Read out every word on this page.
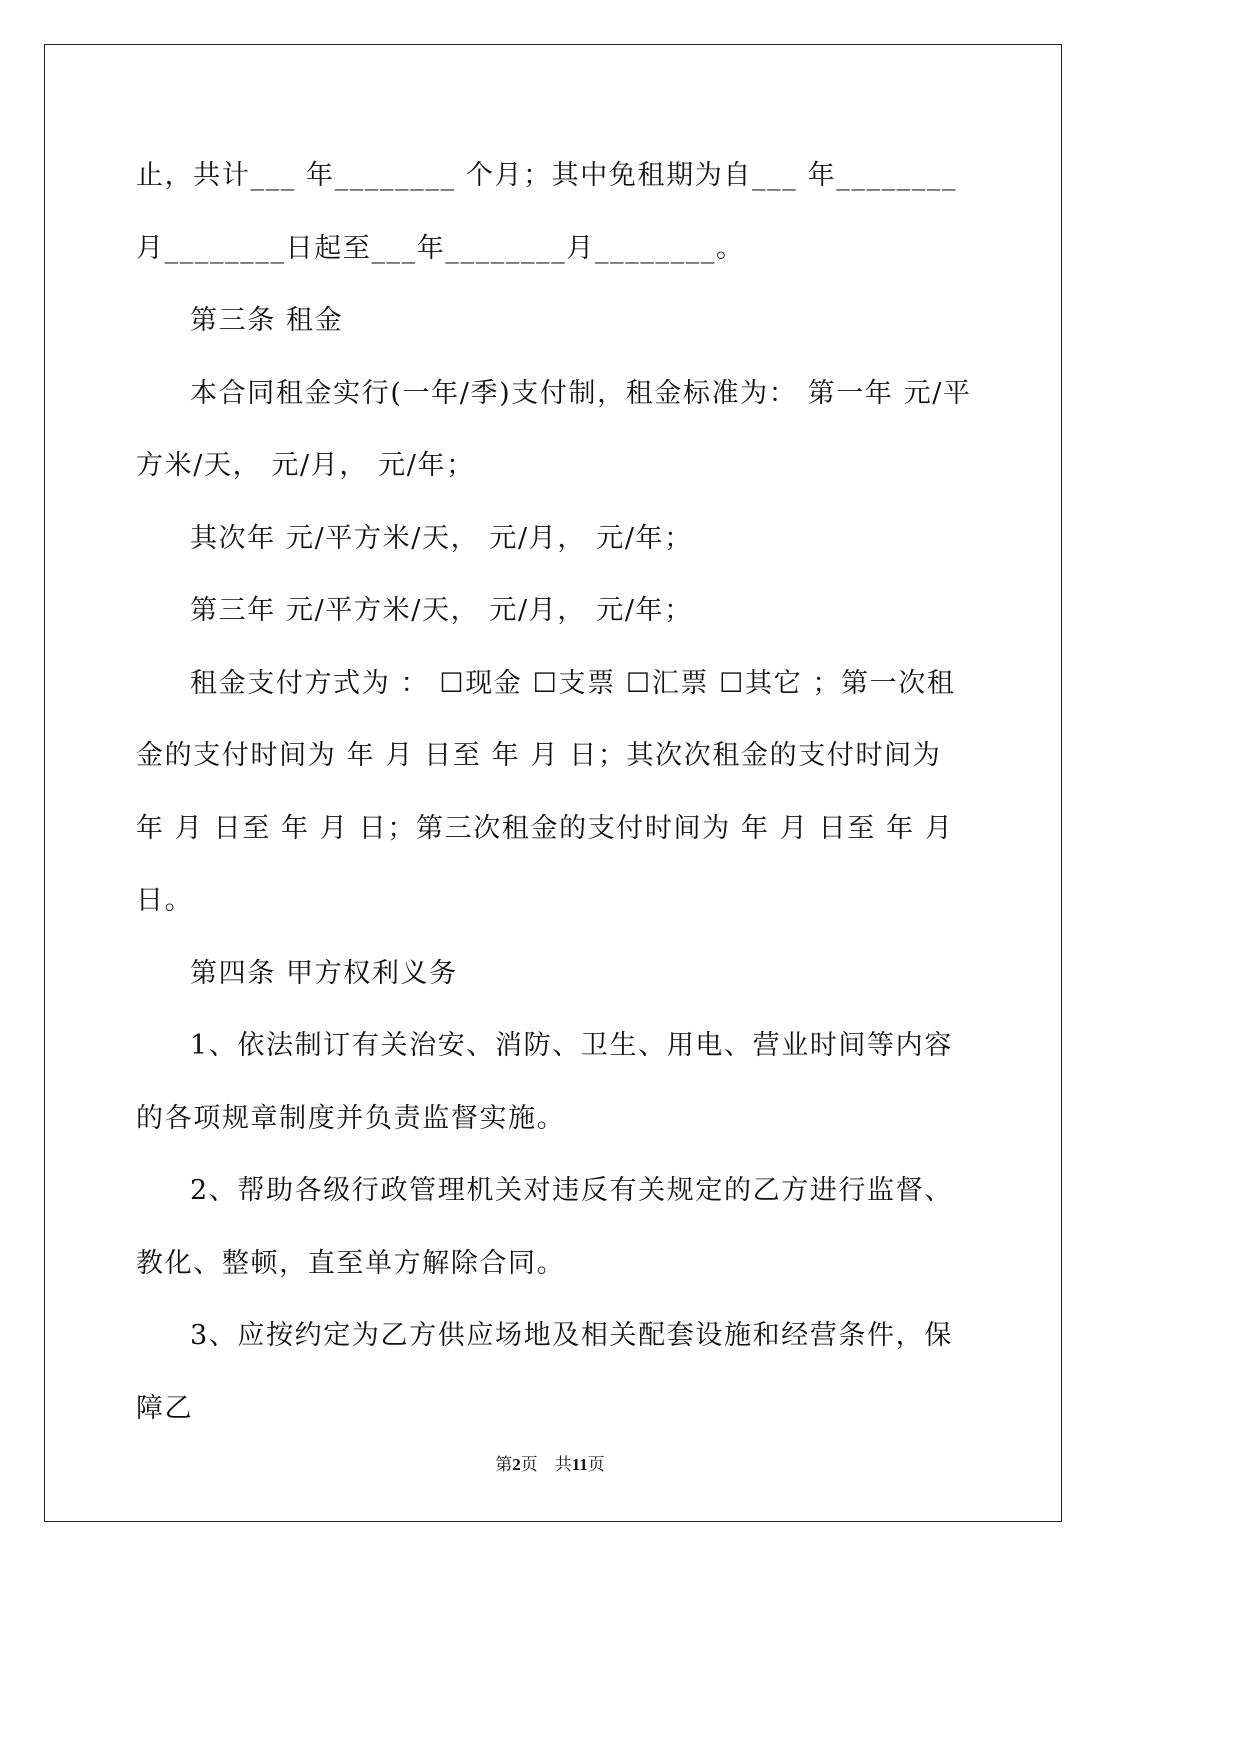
止，共计___ 年________ 个月；其中免租期为自___ 年________ 月________日起至___年________月________。

第三条 租金

本合同租金实行(一年/季)支付制，租金标准为： 第一年 元/平方米/天， 元/月， 元/年；

其次年 元/平方米/天， 元/月， 元/年；

第三年 元/平方米/天， 元/月， 元/年；

租金支付方式为 ： ☐现金 ☐支票 ☐汇票 ☐其它 ；第一次租金的支付时间为 年 月 日至 年 月 日；其次次租金的支付时间为 年 月 日至 年 月 日；第三次租金的支付时间为 年 月 日至 年 月日。

第四条 甲方权利义务

1、依法制订有关治安、消防、卫生、用电、营业时间等内容的各项规章制度并负责监督实施。

2、帮助各级行政管理机关对违反有关规定的乙方进行监督、教化、整顿，直至单方解除合同。

3、应按约定为乙方供应场地及相关配套设施和经营条件，保障乙

第2页　共11页
